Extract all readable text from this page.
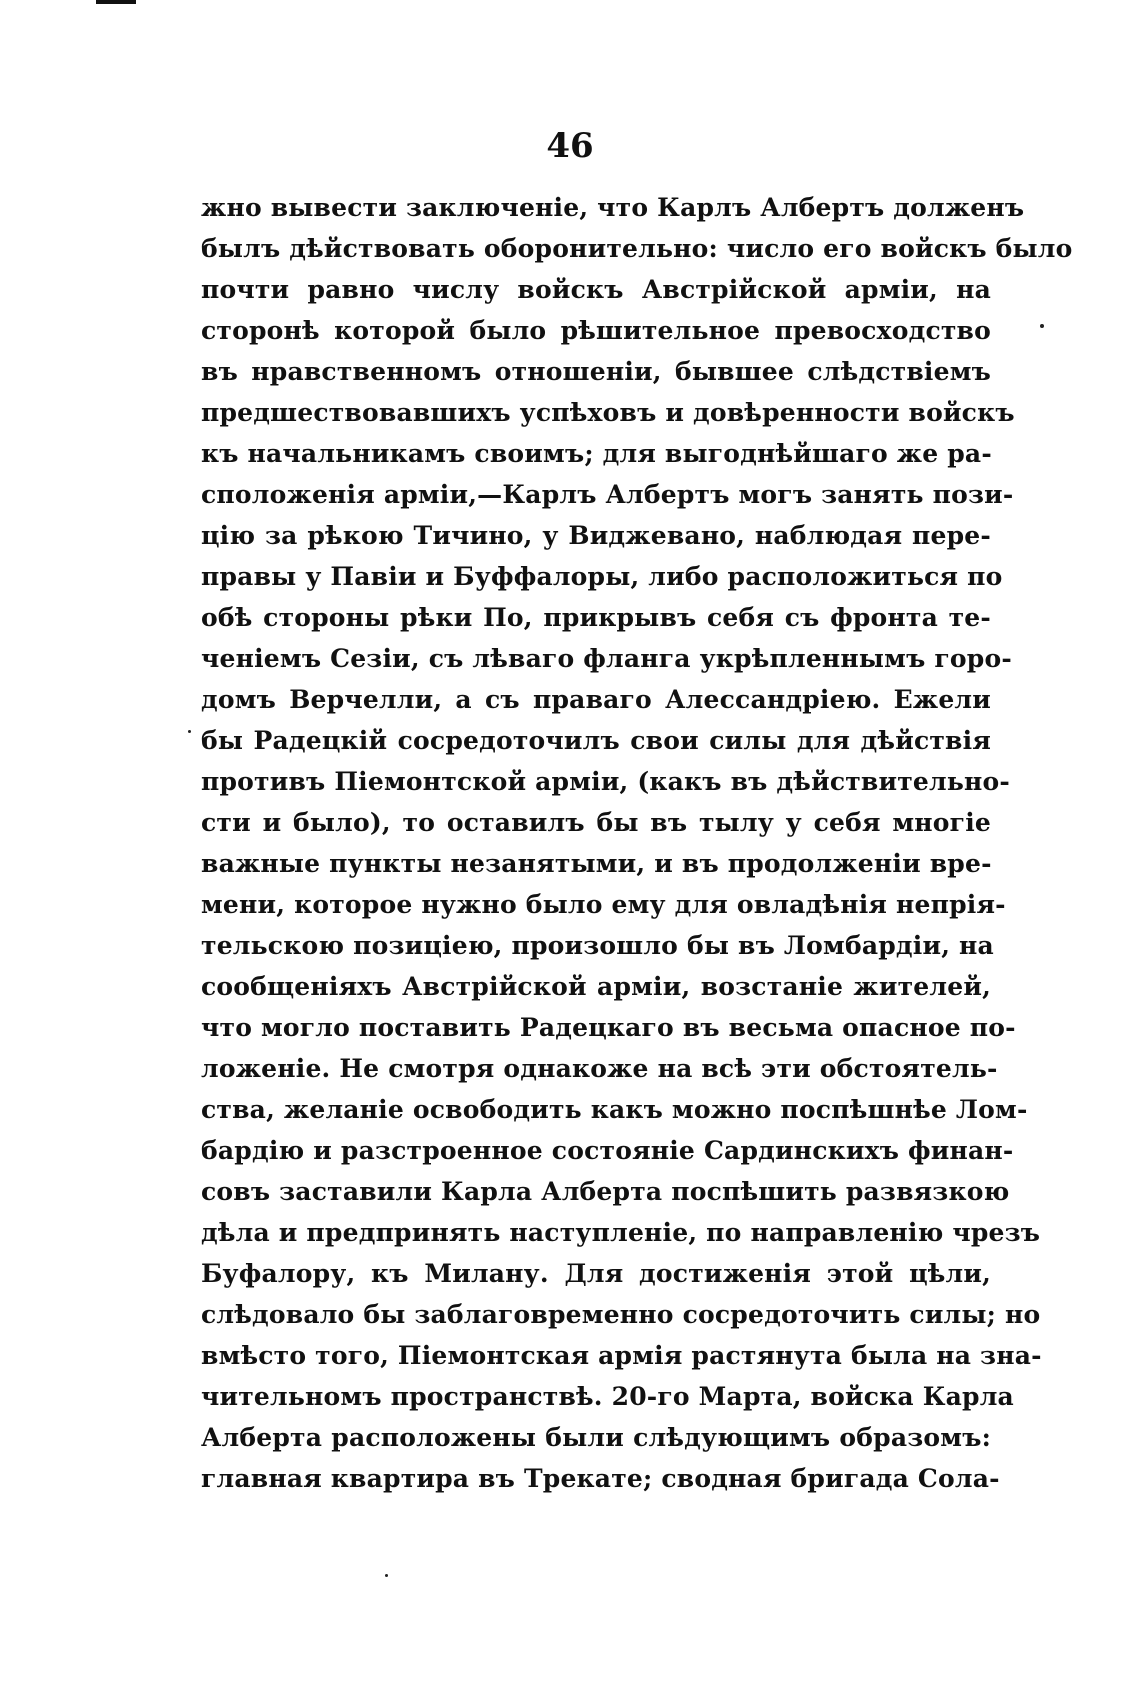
46
жно вывести заключеніе, что Карлъ Албертъ долженъ
былъ дѣйствовать оборонительно: число его войскъ было
почти равно числу войскъ Австрійской арміи, на
сторонѣ которой было рѣшительное превосходство
въ нравственномъ отношеніи, бывшее слѣдствіемъ
предшествовавшихъ успѣховъ и довѣренности войскъ
къ начальникамъ своимъ; для выгоднѣйшаго же ра-
сположенія арміи,—Карлъ Албертъ могъ занять пози-
цію за рѣкою Тичино, у Виджевано, наблюдая пере-
правы у Павіи и Буффалоры, либо расположиться по
обѣ стороны рѣки По, прикрывъ себя съ фронта те-
ченіемъ Сезіи, съ лѣваго фланга укрѣпленнымъ горо-
домъ Верчелли, а съ праваго Алессандріею. Ежели
бы Радецкій сосредоточилъ свои силы для дѣйствія
противъ Піемонтской арміи, (какъ въ дѣйствительно-
сти и было), то оставилъ бы въ тылу у себя многіе
важные пункты незанятыми, и въ продолженіи вре-
мени, которое нужно было ему для овладѣнія непрія-
тельскою позиціею, произошло бы въ Ломбардіи, на
сообщеніяхъ Австрійской арміи, возстаніе жителей,
что могло поставить Радецкаго въ весьма опасное по-
ложеніе. Не смотря однакоже на всѣ эти обстоятель-
ства, желаніе освободить какъ можно поспѣшнѣе Лом-
бардію и разстроенное состояніе Сардинскихъ финан-
совъ заставили Карла Алберта поспѣшить развязкою
дѣла и предпринять наступленіе, по направленію чрезъ
Буфалору, къ Милану. Для достиженія этой цѣли,
слѣдовало бы заблаговременно сосредоточить силы; но
вмѣсто того, Піемонтская армія растянута была на зна-
чительномъ пространствѣ. 20-го Марта, войска Карла
Алберта расположены были слѣдующимъ образомъ:
главная квартира въ Трекате; сводная бригада Сола-
